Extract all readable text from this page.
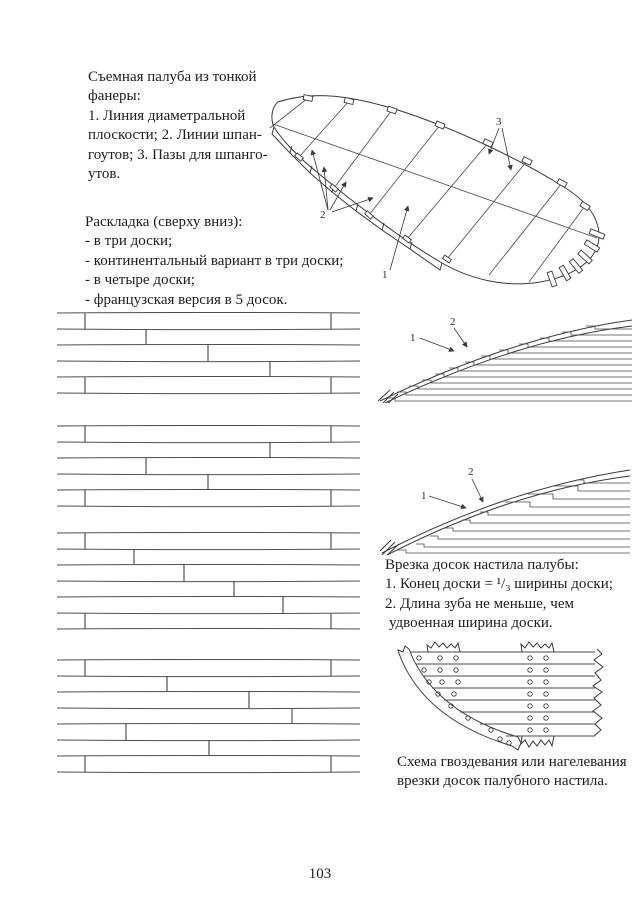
Съемная палуба из тонкой
фанеры:
1. Линия диаметральной
плоскости; 2. Линии шпан-
гоутов; 3. Пазы для шпанго-
утов.
1
2
3
Раскладка (сверху вниз):
- в три доски;
- континентальный вариант в три доски;
- в четыре доски;
- французская версия в 5 досок.
1
2
1
2
Врезка досок настила палубы:
1. Конец доски = ¹/₃ ширины доски;
2. Длина зуба не меньше, чем
удвоенная ширина доски.
Схема гвоздевания или нагелевания
врезки досок палубного настила.
103
